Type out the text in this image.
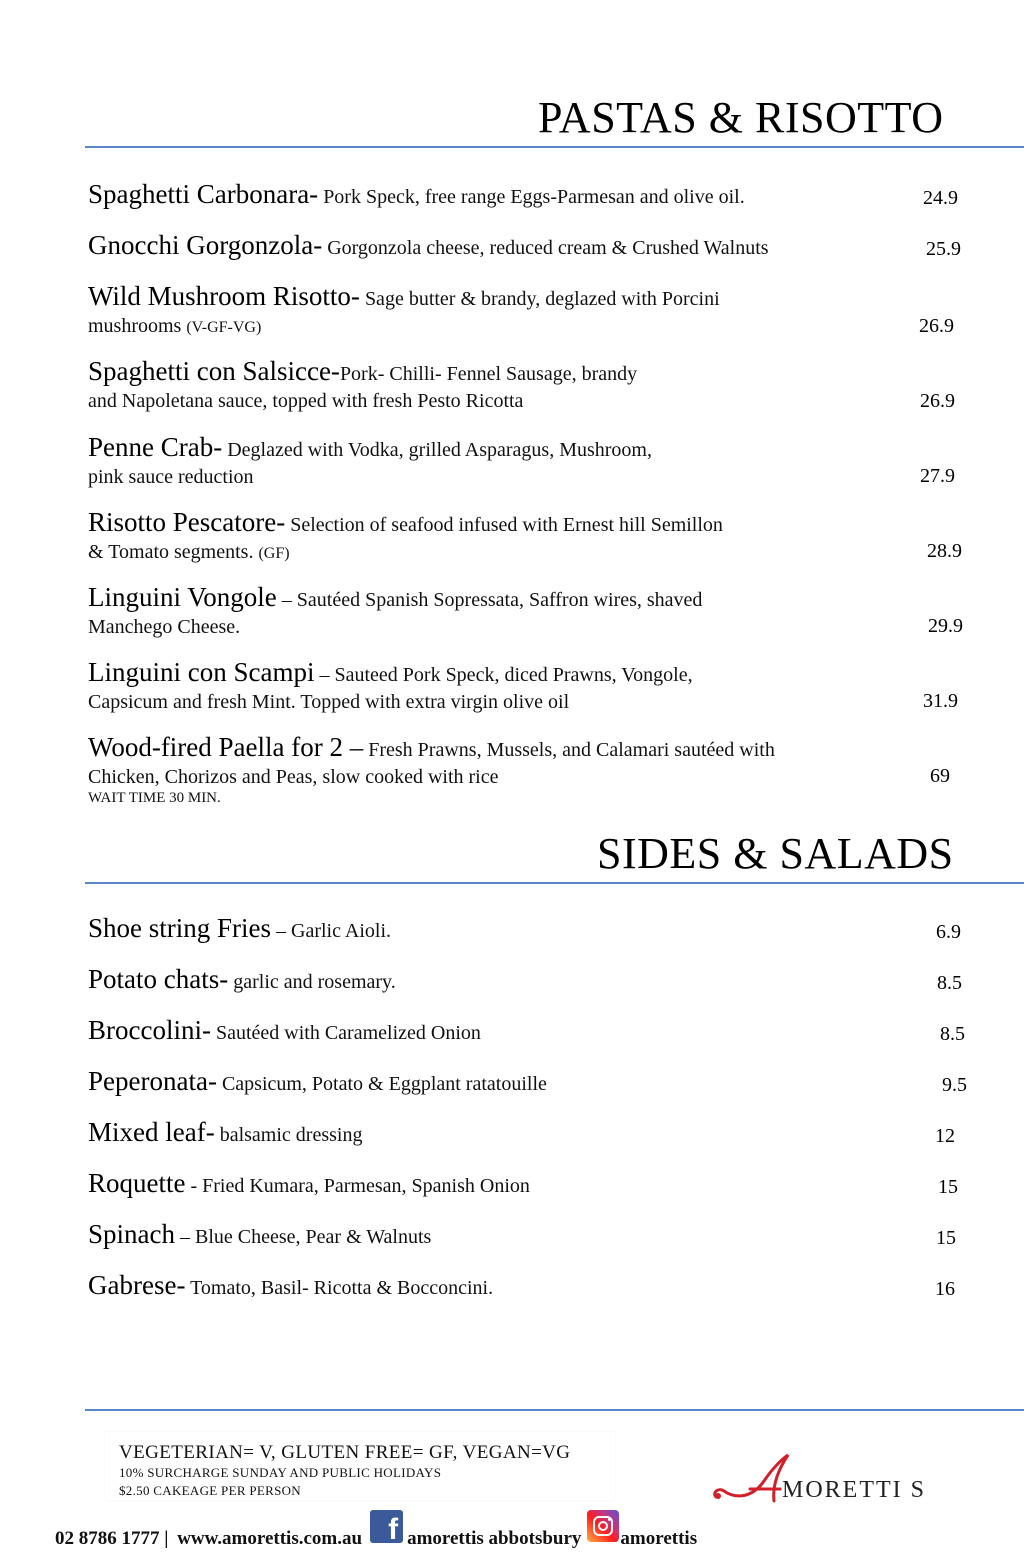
PASTAS & RISOTTO
Spaghetti Carbonara- Pork Speck, free range Eggs-Parmesan and olive oil.	24.9
Gnocchi Gorgonzola- Gorgonzola cheese, reduced cream & Crushed Walnuts	25.9
Wild Mushroom Risotto- Sage butter & brandy, deglazed with Porcini
mushrooms (V-GF-VG)	26.9
Spaghetti con Salsicce-Pork- Chilli- Fennel Sausage, brandy
and Napoletana sauce, topped with fresh Pesto Ricotta	26.9
Penne Crab- Deglazed with Vodka, grilled Asparagus, Mushroom,
pink sauce reduction	27.9
Risotto Pescatore- Selection of seafood infused with Ernest hill Semillon
& Tomato segments. (GF)	28.9
Linguini Vongole – Sautéed Spanish Sopressata, Saffron wires, shaved
Manchego Cheese.	29.9
Linguini con Scampi – Sauteed Pork Speck, diced Prawns, Vongole,
Capsicum and fresh Mint. Topped with extra virgin olive oil	31.9
Wood-fired Paella for 2 – Fresh Prawns, Mussels, and Calamari sautéed with
Chicken, Chorizos and Peas, slow cooked with rice
WAIT TIME 30 MIN.
69
SIDES & SALADS
Shoe string Fries – Garlic Aioli.	6.9
Potato chats- garlic and rosemary.	8.5
Broccolini- Sautéed with Caramelized Onion	8.5
Peperonata- Capsicum, Potato & Eggplant ratatouille	9.5
Mixed leaf- balsamic dressing	12
Roquette - Fried Kumara, Parmesan, Spanish Onion	15
Spinach – Blue Cheese, Pear & Walnuts	15
Gabrese- Tomato, Basil- Ricotta & Bocconcini.	16
VEGETERIAN= V, GLUTEN FREE= GF, VEGAN=VG
10% SURCHARGE SUNDAY AND PUBLIC HOLIDAYS
$2.50 CAKEAGE PER PERSON	MORETTI S
02 8786 1777 | www.amorettis.com.au f amorettis abbotsbury amorettis
